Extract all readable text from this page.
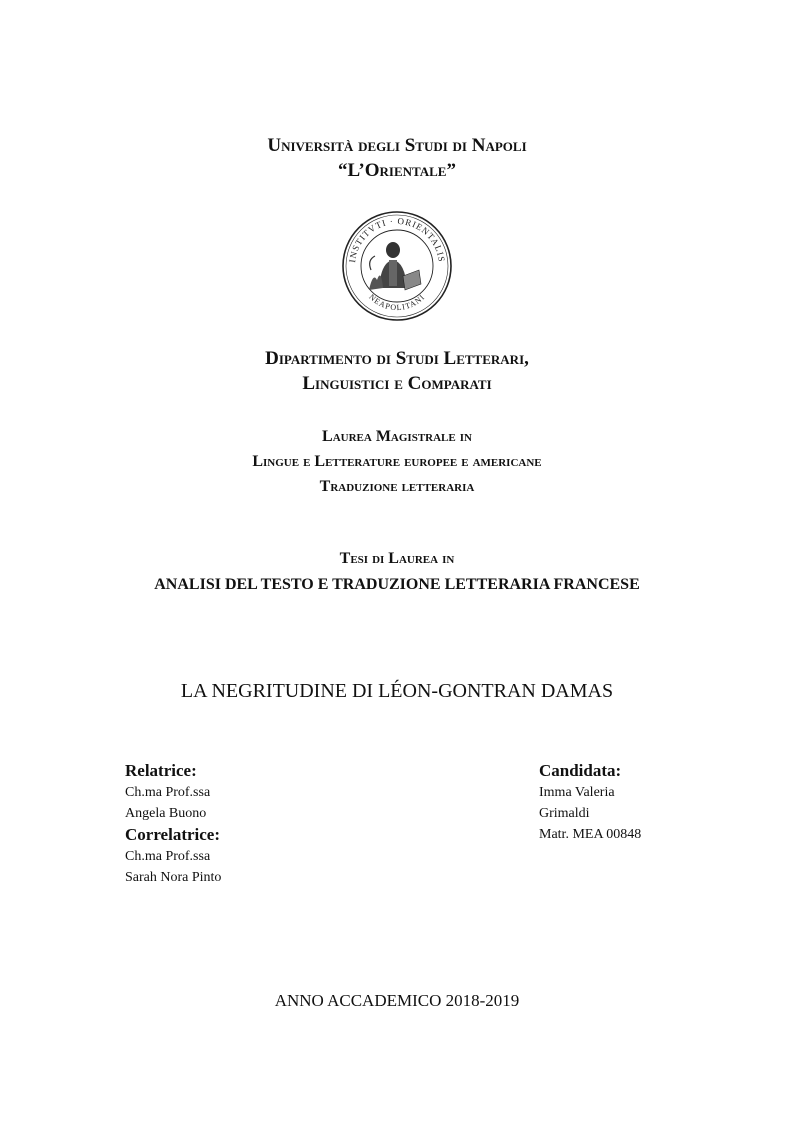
Università degli Studi di Napoli
“L’Orientale”
INSTITVTI · ORIENTALIS
NEAPOLITANI
Dipartimento di Studi Letterari,
Linguistici e Comparati
Laurea Magistrale in
Lingue e Letterature europee e americane
Traduzione letteraria
Tesi di Laurea in
ANALISI DEL TESTO E TRADUZIONE LETTERARIA FRANCESE
LA NEGRITUDINE DI LÉON-GONTRAN DAMAS
Relatrice:
Ch.ma Prof.ssa
Angela Buono
Correlatrice:
Ch.ma Prof.ssa
Sarah Nora Pinto
Candidata:
Imma Valeria
Grimaldi
Matr. MEA 00848
ANNO ACCADEMICO 2018-2019
